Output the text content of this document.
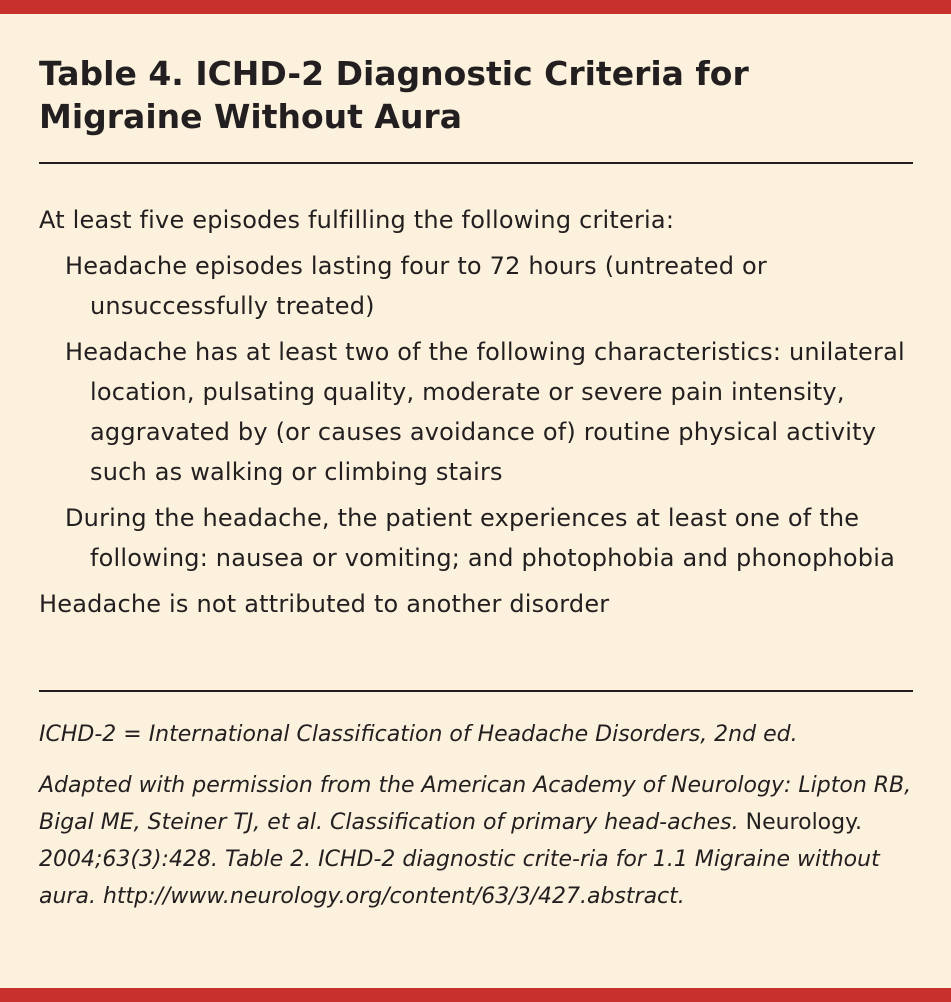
Table 4. ICHD-2 Diagnostic Criteria for Migraine Without Aura

At least five episodes fulfilling the following criteria:

Headache episodes lasting four to 72 hours (untreated or unsuccessfully treated)

Headache has at least two of the following characteristics: unilateral location, pulsating quality, moderate or severe pain intensity, aggravated by (or causes avoidance of) routine physical activity such as walking or climbing stairs

During the headache, the patient experiences at least one of the following: nausea or vomiting; and photophobia and phonophobia

Headache is not attributed to another disorder

ICHD-2 = International Classification of Headache Disorders, 2nd ed.

Adapted with permission from the American Academy of Neurology: Lipton RB, Bigal ME, Steiner TJ, et al. Classification of primary head-aches. Neurology. 2004;63(3):428. Table 2. ICHD-2 diagnostic crite-ria for 1.1 Migraine without aura. http://www.neurology.org/content/63/3/427.abstract.
